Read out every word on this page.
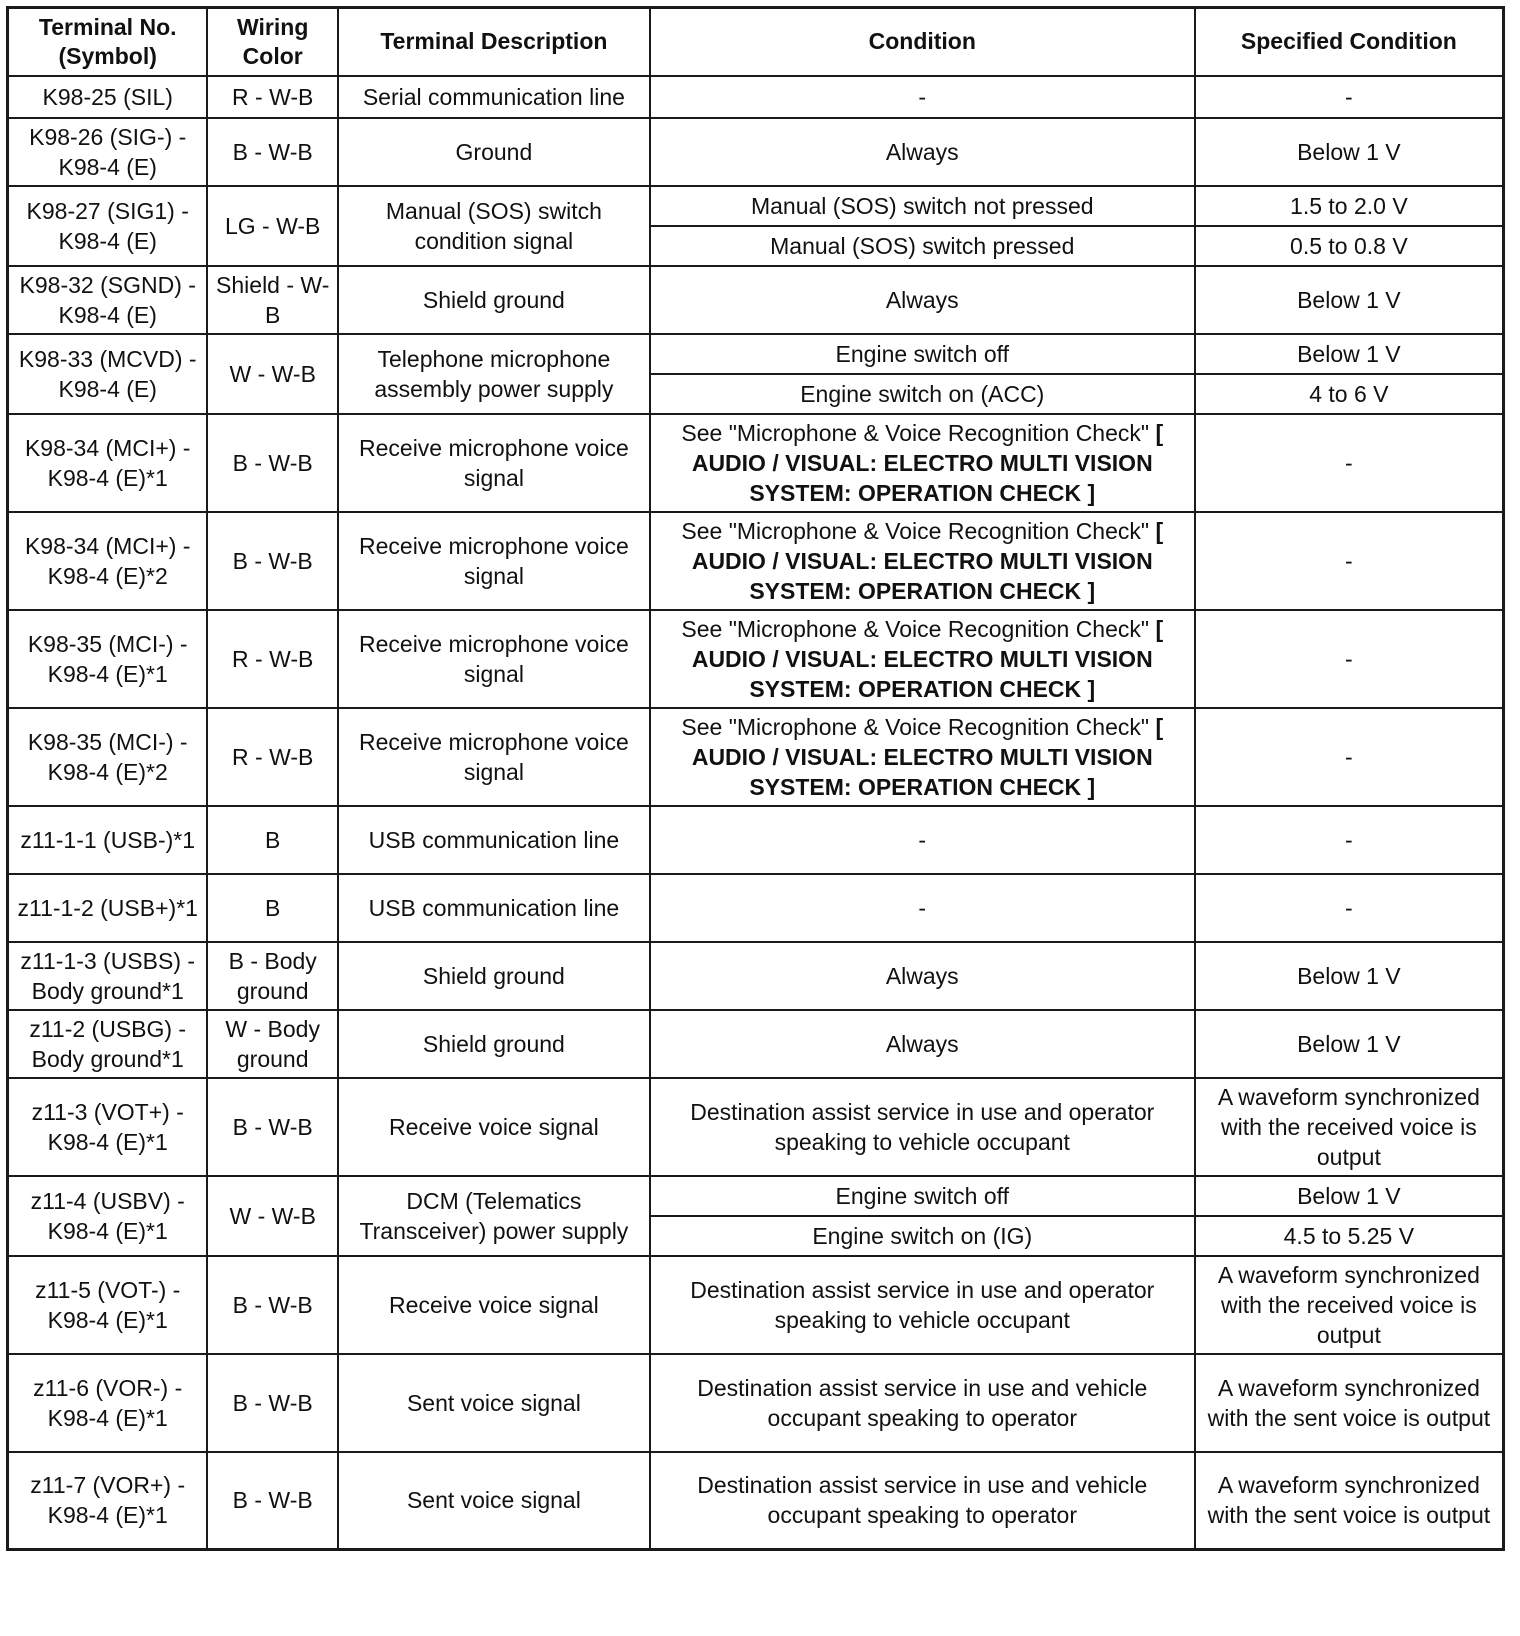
Terminal No. (Symbol)	Wiring Color	Terminal Description	Condition	Specified Condition
K98-25 (SIL)	R - W-B	Serial communication line	-	-
K98-26 (SIG-) - K98-4 (E)	B - W-B	Ground	Always	Below 1 V
K98-27 (SIG1) - K98-4 (E)	LG - W-B	Manual (SOS) switch condition signal	Manual (SOS) switch not pressed	1.5 to 2.0 V
			Manual (SOS) switch pressed	0.5 to 0.8 V
K98-32 (SGND) - K98-4 (E)	Shield - W-B	Shield ground	Always	Below 1 V
K98-33 (MCVD) - K98-4 (E)	W - W-B	Telephone microphone assembly power supply	Engine switch off	Below 1 V
			Engine switch on (ACC)	4 to 6 V
K98-34 (MCI+) - K98-4 (E)*1	B - W-B	Receive microphone voice signal	See "Microphone & Voice Recognition Check" [ AUDIO / VISUAL: ELECTRO MULTI VISION SYSTEM: OPERATION CHECK ]	-
K98-34 (MCI+) - K98-4 (E)*2	B - W-B	Receive microphone voice signal	See "Microphone & Voice Recognition Check" [ AUDIO / VISUAL: ELECTRO MULTI VISION SYSTEM: OPERATION CHECK ]	-
K98-35 (MCI-) - K98-4 (E)*1	R - W-B	Receive microphone voice signal	See "Microphone & Voice Recognition Check" [ AUDIO / VISUAL: ELECTRO MULTI VISION SYSTEM: OPERATION CHECK ]	-
K98-35 (MCI-) - K98-4 (E)*2	R - W-B	Receive microphone voice signal	See "Microphone & Voice Recognition Check" [ AUDIO / VISUAL: ELECTRO MULTI VISION SYSTEM: OPERATION CHECK ]	-
z11-1-1 (USB-)*1	B	USB communication line	-	-
z11-1-2 (USB+)*1	B	USB communication line	-	-
z11-1-3 (USBS) - Body ground*1	B - Body ground	Shield ground	Always	Below 1 V
z11-2 (USBG) - Body ground*1	W - Body ground	Shield ground	Always	Below 1 V
z11-3 (VOT+) - K98-4 (E)*1	B - W-B	Receive voice signal	Destination assist service in use and operator speaking to vehicle occupant	A waveform synchronized with the received voice is output
z11-4 (USBV) - K98-4 (E)*1	W - W-B	DCM (Telematics Transceiver) power supply	Engine switch off	Below 1 V
			Engine switch on (IG)	4.5 to 5.25 V
z11-5 (VOT-) - K98-4 (E)*1	B - W-B	Receive voice signal	Destination assist service in use and operator speaking to vehicle occupant	A waveform synchronized with the received voice is output
z11-6 (VOR-) - K98-4 (E)*1	B - W-B	Sent voice signal	Destination assist service in use and vehicle occupant speaking to operator	A waveform synchronized with the sent voice is output
z11-7 (VOR+) - K98-4 (E)*1	B - W-B	Sent voice signal	Destination assist service in use and vehicle occupant speaking to operator	A waveform synchronized with the sent voice is output
